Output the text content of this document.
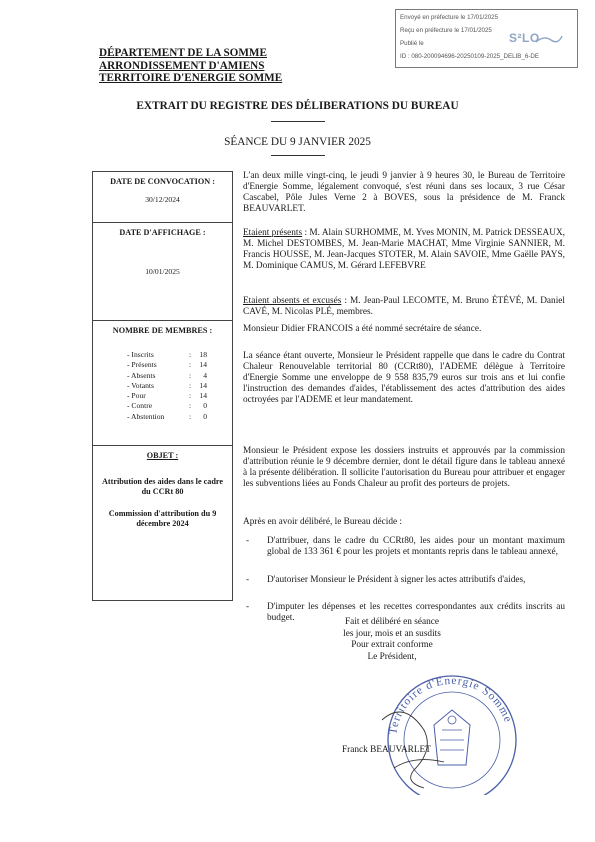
Envoyé en préfecture le 17/01/2025
Reçu en préfecture le 17/01/2025
Publié le
ID : 080-200094696-20250109-2025_DELIB_6-DE
S²LO
DÉPARTEMENT DE LA SOMME
ARRONDISSEMENT D'AMIENS
TERRITOIRE D'ENERGIE SOMME
EXTRAIT DU REGISTRE DES DÉLIBERATIONS DU BUREAU
SÉANCE DU 9 JANVIER 2025
DATE DE CONVOCATION :
30/12/2024
DATE D'AFFICHAGE :
10/01/2025
NOMBRE DE MEMBRES :
- Inscrits	:	18
- Présents	:	14
- Absents	:	4
- Votants	:	14
- Pour	:	14
- Contre	:	0
- Abstention	:	0
OBJET :
Attribution des aides dans le cadre du CCRt 80
Commission d'attribution du 9 décembre 2024
L'an deux mille vingt-cinq, le jeudi 9 janvier à 9 heures 30, le Bureau de Territoire d'Energie Somme, légalement convoqué, s'est réuni dans ses locaux, 3 rue César Cascabel, Pôle Jules Verne 2 à BOVES, sous la présidence de M. Franck BEAUVARLET.
Etaient présents : M. Alain SURHOMME, M. Yves MONIN, M. Patrick DESSEAUX, M. Michel DESTOMBES, M. Jean-Marie MACHAT, Mme Virginie SANNIER, M. Francis HOUSSE, M. Jean-Jacques STOTER, M. Alain SAVOIE, Mme Gaëlle PAYS, M. Dominique CAMUS, M. Gérard LEFEBVRE
Etaient absents et excusés : M. Jean-Paul LECOMTE, M. Bruno ÉTÉVÉ, M. Daniel CAVÉ, M. Nicolas PLÉ, membres.
Monsieur Didier FRANCOIS a été nommé secrétaire de séance.
La séance étant ouverte, Monsieur le Président rappelle que dans le cadre du Contrat Chaleur Renouvelable territorial 80 (CCRt80), l'ADEME délègue à Territoire d'Energie Somme une enveloppe de 9 558 835,79 euros sur trois ans et lui confie l'instruction des demandes d'aides, l'établissement des actes d'attribution des aides octroyées par l'ADEME et leur mandatement.
Monsieur le Président expose les dossiers instruits et approuvés par la commission d'attribution réunie le 9 décembre dernier, dont le détail figure dans le tableau annexé à la présente délibération. Il sollicite l'autorisation du Bureau pour attribuer et engager les subventions liées au Fonds Chaleur au profit des porteurs de projets.
Après en avoir délibéré, le Bureau décide :
- D'attribuer, dans le cadre du CCRt80, les aides pour un montant maximum global de 133 361 € pour les projets et montants repris dans le tableau annexé,
- D'autoriser Monsieur le Président à signer les actes attributifs d'aides,
- D'imputer les dépenses et les recettes correspondantes aux crédits inscrits au budget.	Fait et délibéré en séance
les jour, mois et an susdits
Pour extrait conforme
Le Président,
Territoire d'Energie Somme
Franck BEAUVARLET
